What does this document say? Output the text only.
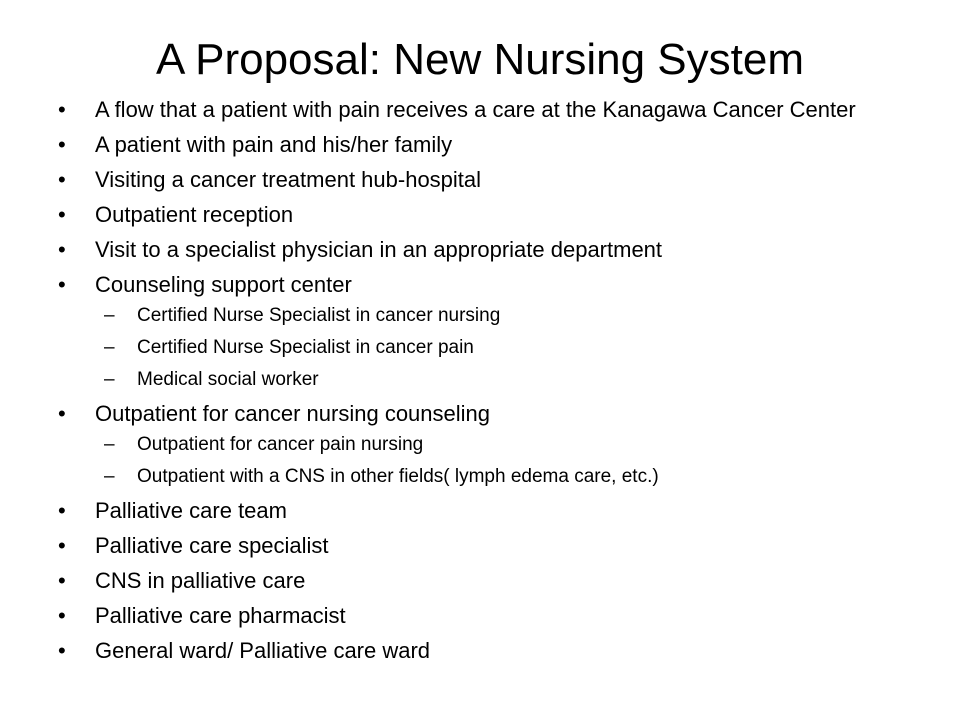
A Proposal: New Nursing System
•	A flow that a patient with pain receives a care at the Kanagawa Cancer Center
•	A patient with pain and his/her family
•	Visiting a cancer treatment hub-hospital
•	Outpatient reception
•	Visit to a specialist physician in an appropriate department
•	Counseling support center
– Certified Nurse Specialist in cancer nursing
– Certified Nurse Specialist in cancer pain
– Medical social worker
•	Outpatient for cancer nursing counseling
– Outpatient for cancer pain nursing
– Outpatient with a CNS in other fields( lymph edema care, etc.)
•	Palliative care team
•	Palliative care specialist
•	CNS in palliative care
•	Palliative care pharmacist
•	General ward/ Palliative care ward
